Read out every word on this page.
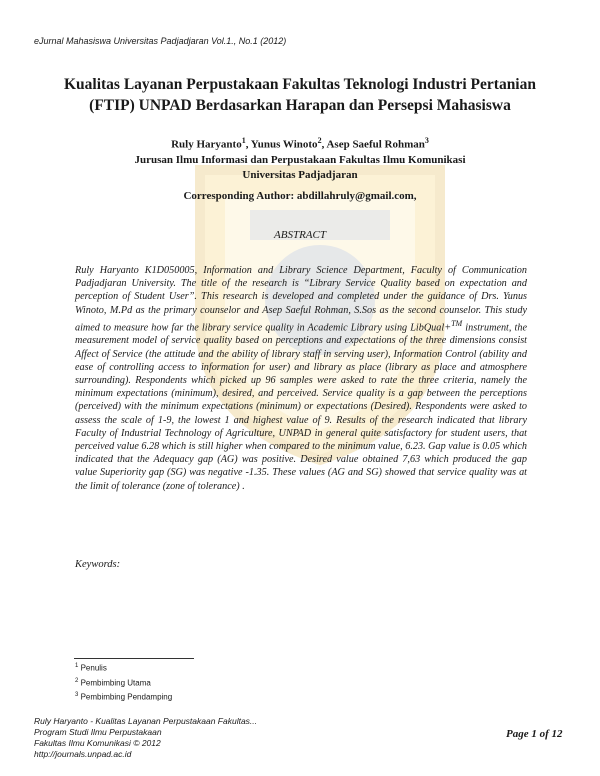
eJurnal Mahasiswa Universitas Padjadjaran Vol.1., No.1 (2012)
Kualitas Layanan Perpustakaan Fakultas Teknologi Industri Pertanian
(FTIP) UNPAD Berdasarkan Harapan dan Persepsi Mahasiswa
Ruly Haryanto$^1$, Yunus Winoto$^2$, Asep Saeful Rohman$^3$
Jurusan Ilmu Informasi dan Perpustakaan Fakultas Ilmu Komunikasi
Universitas Padjadjaran
Corresponding Author: abdillahruly@gmail.com,
ABSTRACT
Ruly Haryanto K1D050005, Information and Library Science Department, Faculty of Communication Padjadjaran University. The title of the research is “Library Service Quality based on expectation and perception of Student User”. This research is developed and completed under the guidance of Drs. Yunus Winoto, M.Pd as the primary counselor and Asep Saeful Rohman, S.Sos as the second counselor. This study aimed to measure how far the library service quality in Academic Library using LibQual+™ instrument, the measurement model of service quality based on perceptions and expectations of the three dimensions consist Affect of Service (the attitude and the ability of library staff in serving user), Information Control (ability and ease of controlling access to information for user) and library as place (library as place and atmosphere surrounding). Respondents which picked up 96 samples were asked to rate the three criteria, namely the minimum expectations (minimum), desired, and perceived. Service quality is a gap between the perceptions (perceived) with the minimum expectations (minimum) or expectations (Desired). Respondents were asked to assess the scale of 1-9, the lowest 1 and highest value of 9. Results of the research indicated that library Faculty of Industrial Technology of Agriculture, UNPAD in general quite satisfactory for student users, that perceived value 6.28 which is still higher when compared to the minimum value, 6.23. Gap value is 0.05 which indicated that the Adequacy gap (AG) was positive. Desired value obtained 7,63 which produced the gap value Superiority gap (SG) was negative -1.35. These values (AG and SG) showed that service quality was at the limit of tolerance (zone of tolerance) .
Keywords:
$^1$ Penulis
$^2$ Pembimbing Utama
$^3$ Pembimbing Pendamping
Ruly Haryanto - Kualitas Layanan Perpustakaan Fakultas...
Program Studi Ilmu Perpustakaan
Fakultas Ilmu Komunikasi © 2012
http://journals.unpad.ac.id
Page 1 of 12
